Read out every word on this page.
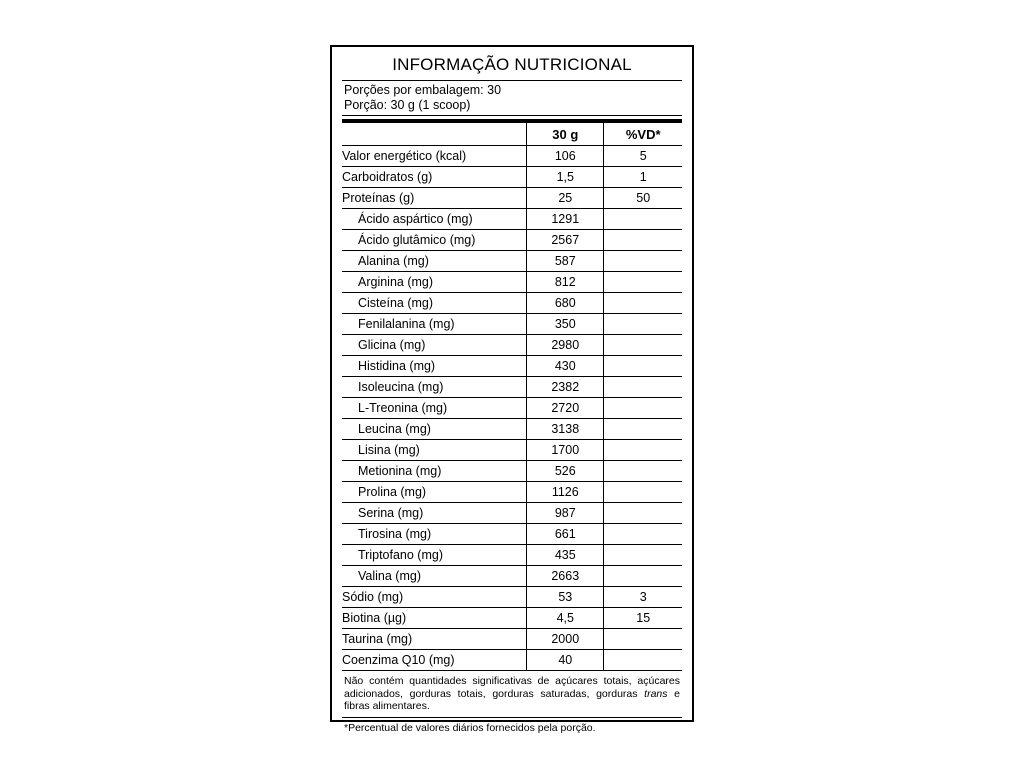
INFORMAÇÃO NUTRICIONAL
Porções por embalagem: 30
Porção: 30 g (1 scoop)
	30 g	%VD*
Valor energético (kcal)	106	5
Carboidratos (g)	1,5	1
Proteínas (g)	25	50
Ácido aspártico (mg)	1291	
Ácido glutâmico (mg)	2567	
Alanina (mg)	587	
Arginina (mg)	812	
Cisteína (mg)	680	
Fenilalanina (mg)	350	
Glicina (mg)	2980	
Histidina (mg)	430	
Isoleucina (mg)	2382	
L-Treonina (mg)	2720	
Leucina (mg)	3138	
Lisina (mg)	1700	
Metionina (mg)	526	
Prolina (mg)	1126	
Serina (mg)	987	
Tirosina (mg)	661	
Triptofano (mg)	435	
Valina (mg)	2663	
Sódio (mg)	53	3
Biotina (µg)	4,5	15
Taurina (mg)	2000	
Coenzima Q10 (mg)	40	
Não contém quantidades significativas de açúcares totais, açúcares adicionados, gorduras totais, gorduras saturadas, gorduras trans e fibras alimentares.
*Percentual de valores diários fornecidos pela porção.
